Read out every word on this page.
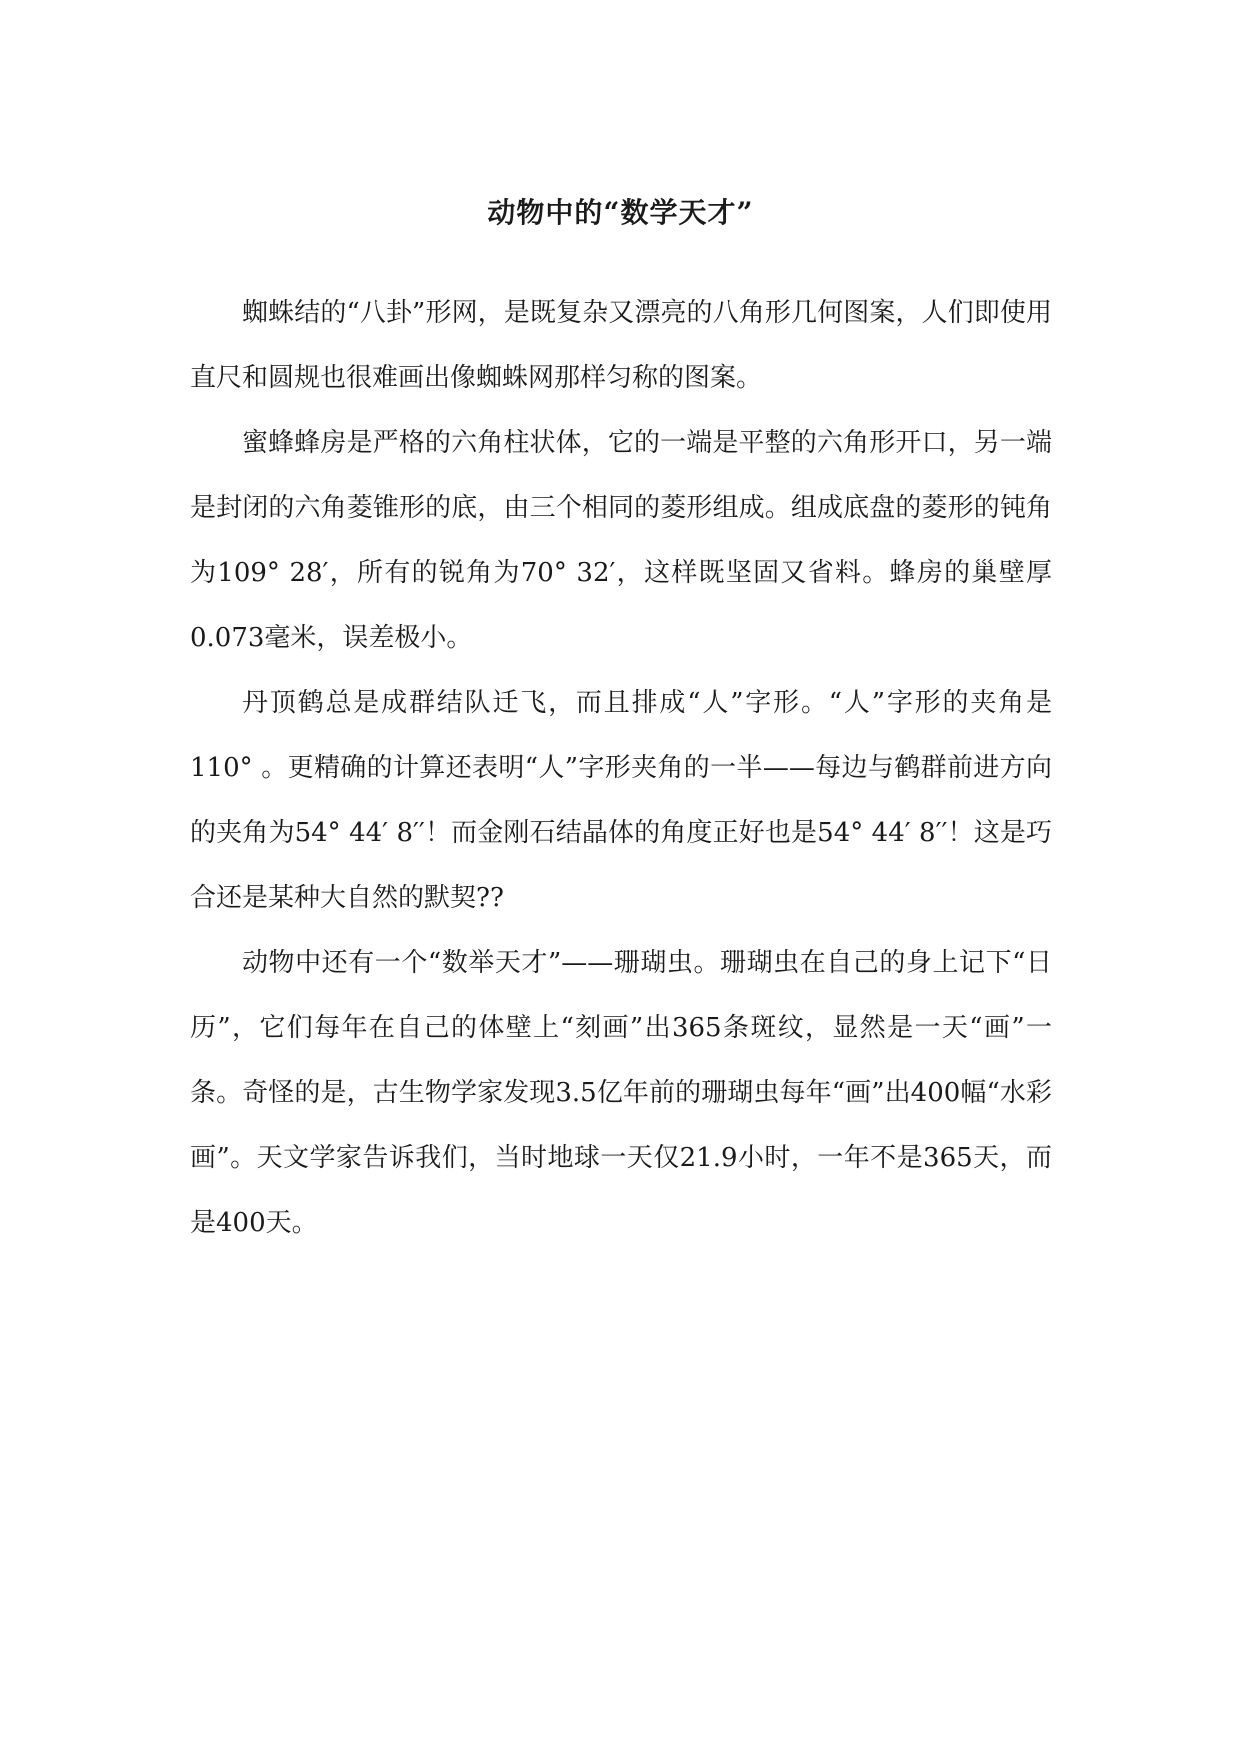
动物中的“数学天才”

蜘蛛结的“八卦”形网，是既复杂又漂亮的八角形几何图案，人们即使用直尺和圆规也很难画出像蜘蛛网那样匀称的图案。

蜜蜂蜂房是严格的六角柱状体，它的一端是平整的六角形开口，另一端是封闭的六角菱锥形的底，由三个相同的菱形组成。组成底盘的菱形的钝角为109° 28′，所有的锐角为70° 32′，这样既坚固又省料。蜂房的巢壁厚0.073毫米，误差极小。

丹顶鹤总是成群结队迁飞，而且排成“人”字形。“人”字形的夹角是110° 。更精确的计算还表明“人”字形夹角的一半——每边与鹤群前进方向的夹角为54° 44′ 8′′！而金刚石结晶体的角度正好也是54° 44′ 8′′！这是巧合还是某种大自然的默契??

动物中还有一个“数举天才”——珊瑚虫。珊瑚虫在自己的身上记下“日历”，它们每年在自己的体壁上“刻画”出365条斑纹，显然是一天“画”一条。奇怪的是，古生物学家发现3.5亿年前的珊瑚虫每年“画”出400幅“水彩画”。天文学家告诉我们，当时地球一天仅21.9小时，一年不是365天，而是400天。
